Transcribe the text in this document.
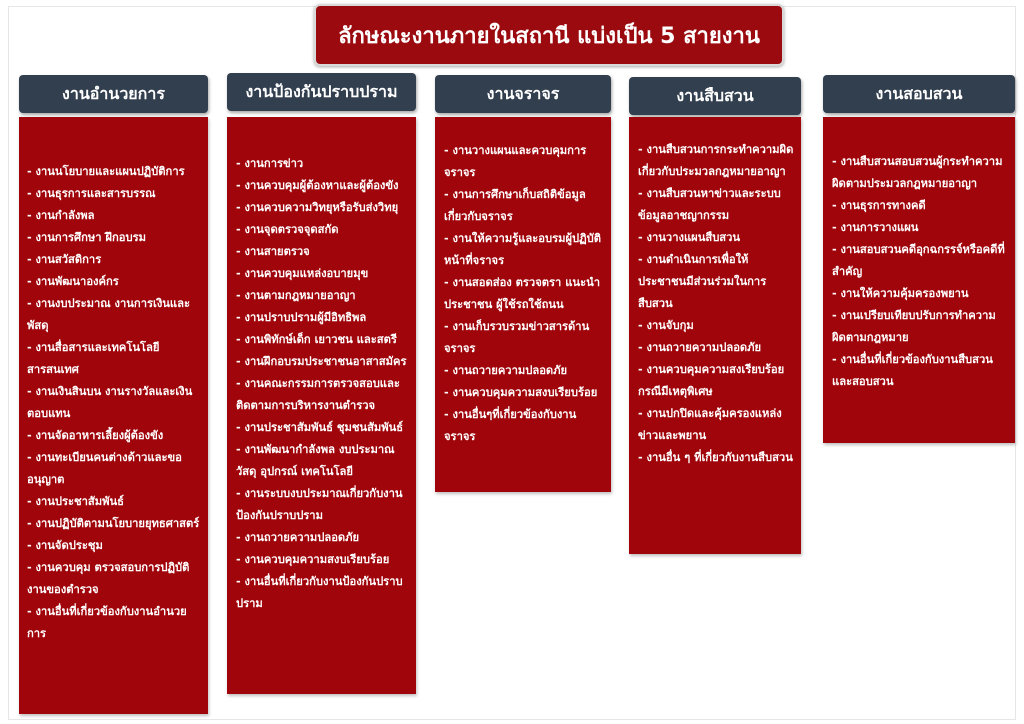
ลักษณะงานภายในสถานี แบ่งเป็น 5 สายงาน
งานอำนวยการ
- งานนโยบายและแผนปฏิบัติการ
- งานธุรการและสารบรรณ
- งานกำลังพล
- งานการศึกษา ฝึกอบรม
- งานสวัสดิการ
- งานพัฒนาองค์กร
- งานงบประมาณ งานการเงินและพัสดุ
- งานสื่อสารและเทคโนโลยีสารสนเทศ
- งานเงินสินบน งานรางวัลและเงินตอบแทน
- งานจัดอาหารเลี้ยงผู้ต้องขัง
- งานทะเบียนคนต่างด้าวและขออนุญาต
- งานประชาสัมพันธ์
- งานปฏิบัติตามนโยบายยุทธศาสตร์
- งานจัดประชุม
- งานควบคุม ตรวจสอบการปฏิบัติงานของตำรวจ
- งานอื่นที่เกี่ยวข้องกับงานอำนวยการ
งานป้องกันปราบปราม
- งานการข่าว
- งานควบคุมผู้ต้องหาและผู้ต้องขัง
- งานควบความวิทยุหรือรับส่งวิทยุ
- งานจุดตรวจจุดสกัด
- งานสายตรวจ
- งานควบคุมแหล่งอบายมุข
- งานตามกฎหมายอาญา
- งานปราบปรามผู้มีอิทธิพล
- งานพิทักษ์เด็ก เยาวชน และสตรี
- งานฝึกอบรมประชาชนอาสาสมัคร
- งานคณะกรรมการตรวจสอบและติดตามการบริหารงานตำรวจ
- งานประชาสัมพันธ์ ชุมชนสัมพันธ์
- งานพัฒนากำลังพล งบประมาณ วัสดุ อุปกรณ์ เทคโนโลยี
- งานระบบงบประมาณเกี่ยวกับงานป้องกันปราบปราม
- งานถวายความปลอดภัย
- งานควบคุมความสงบเรียบร้อย
- งานอื่นที่เกี่ยวกับงานป้องกันปราบปราม
งานจราจร
- งานวางแผนและควบคุมการจราจร
- งานการศึกษาเก็บสถิติข้อมูลเกี่ยวกับจราจร
- งานให้ความรู้และอบรมผู้ปฏิบัติหน้าที่จราจร
- งานสอดส่อง ตรวจตรา แนะนำประชาชน ผู้ใช้รถใช้ถนน
- งานเก็บรวบรวมข่าวสารด้านจราจร
- งานถวายความปลอดภัย
- งานควบคุมความสงบเรียบร้อย
- งานอื่นๆที่เกี่ยวข้องกับงานจราจร
งานสืบสวน
- งานสืบสวนการกระทำความผิดเกี่ยวกับประมวลกฎหมายอาญา
- งานสืบสวนหาข่าวและระบบข้อมูลอาชญากรรม
- งานวางแผนสืบสวน
- งานดำเนินการเพื่อให้ประชาชนมีส่วนร่วมในการสืบสวน
- งานจับกุม
- งานถวายความปลอดภัย
- งานควบคุมความสงเรียบร้อยกรณีมีเหตุพิเศษ
- งานปกปิดและคุ้มครองแหล่งข่าวและพยาน
- งานอื่น ๆ ที่เกี่ยวกับงานสืบสวน
งานสอบสวน
- งานสืบสวนสอบสวนผู้กระทำความผิดตามประมวลกฎหมายอาญา
- งานธุรการทางคดี
- งานการวางแผน
- งานสอบสวนคดีอุกฉกรรจ์หรือคดีที่สำคัญ
- งานให้ความคุ้มครองพยาน
- งานเปรียบเทียบปรับการทำความผิดตามกฎหมาย
- งานอื่นที่เกี่ยวข้องกับงานสืบสวนและสอบสวน
